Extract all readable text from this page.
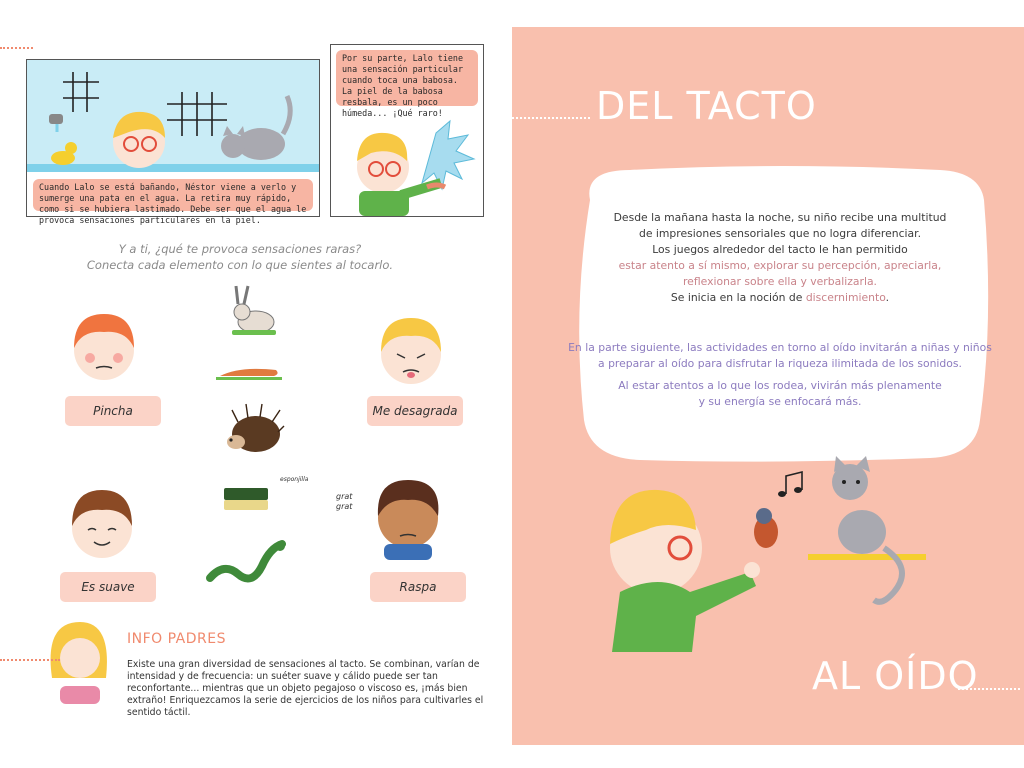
Cuando Lalo se está bañando, Néstor viene a verlo y sumerge una pata en el agua. La retira muy rápido, como si se hubiera lastimado. Debe ser que el agua le provoca sensaciones particulares en la piel.
Por su parte, Lalo tiene una sensación particular cuando toca una babosa. La piel de la babosa resbala, es un poco húmeda... ¡Qué raro!
Y a ti, ¿qué te provoca sensaciones raras?
Conecta cada elemento con lo que sientes al tocarlo.
grat grat
Pincha	Me desagrada
Es suave	Raspa
esponjilla
INFO PADRES
Existe una gran diversidad de sensaciones al tacto. Se combinan, varían de intensidad y de frecuencia: un suéter suave y cálido puede ser tan reconfortante... mientras que un objeto pegajoso o viscoso es, ¡más bien extraño! Enriquezcamos la serie de ejercicios de los niños para cultivarles el sentido táctil.
DEL TACTO
Desde la mañana hasta la noche, su niño recibe una multitud
de impresiones sensoriales que no logra diferenciar.
Los juegos alrededor del tacto le han permitido
estar atento a sí mismo, explorar su percepción, apreciarla,
reflexionar sobre ella y verbalizarla.
Se inicia en la noción de discernimiento.
En la parte siguiente, las actividades en torno al oído invitarán a niñas y niños
a preparar al oído para disfrutar la riqueza ilimitada de los sonidos.
Al estar atentos a lo que los rodea, vivirán más plenamente
y su energía se enfocará más.
AL OÍDO
